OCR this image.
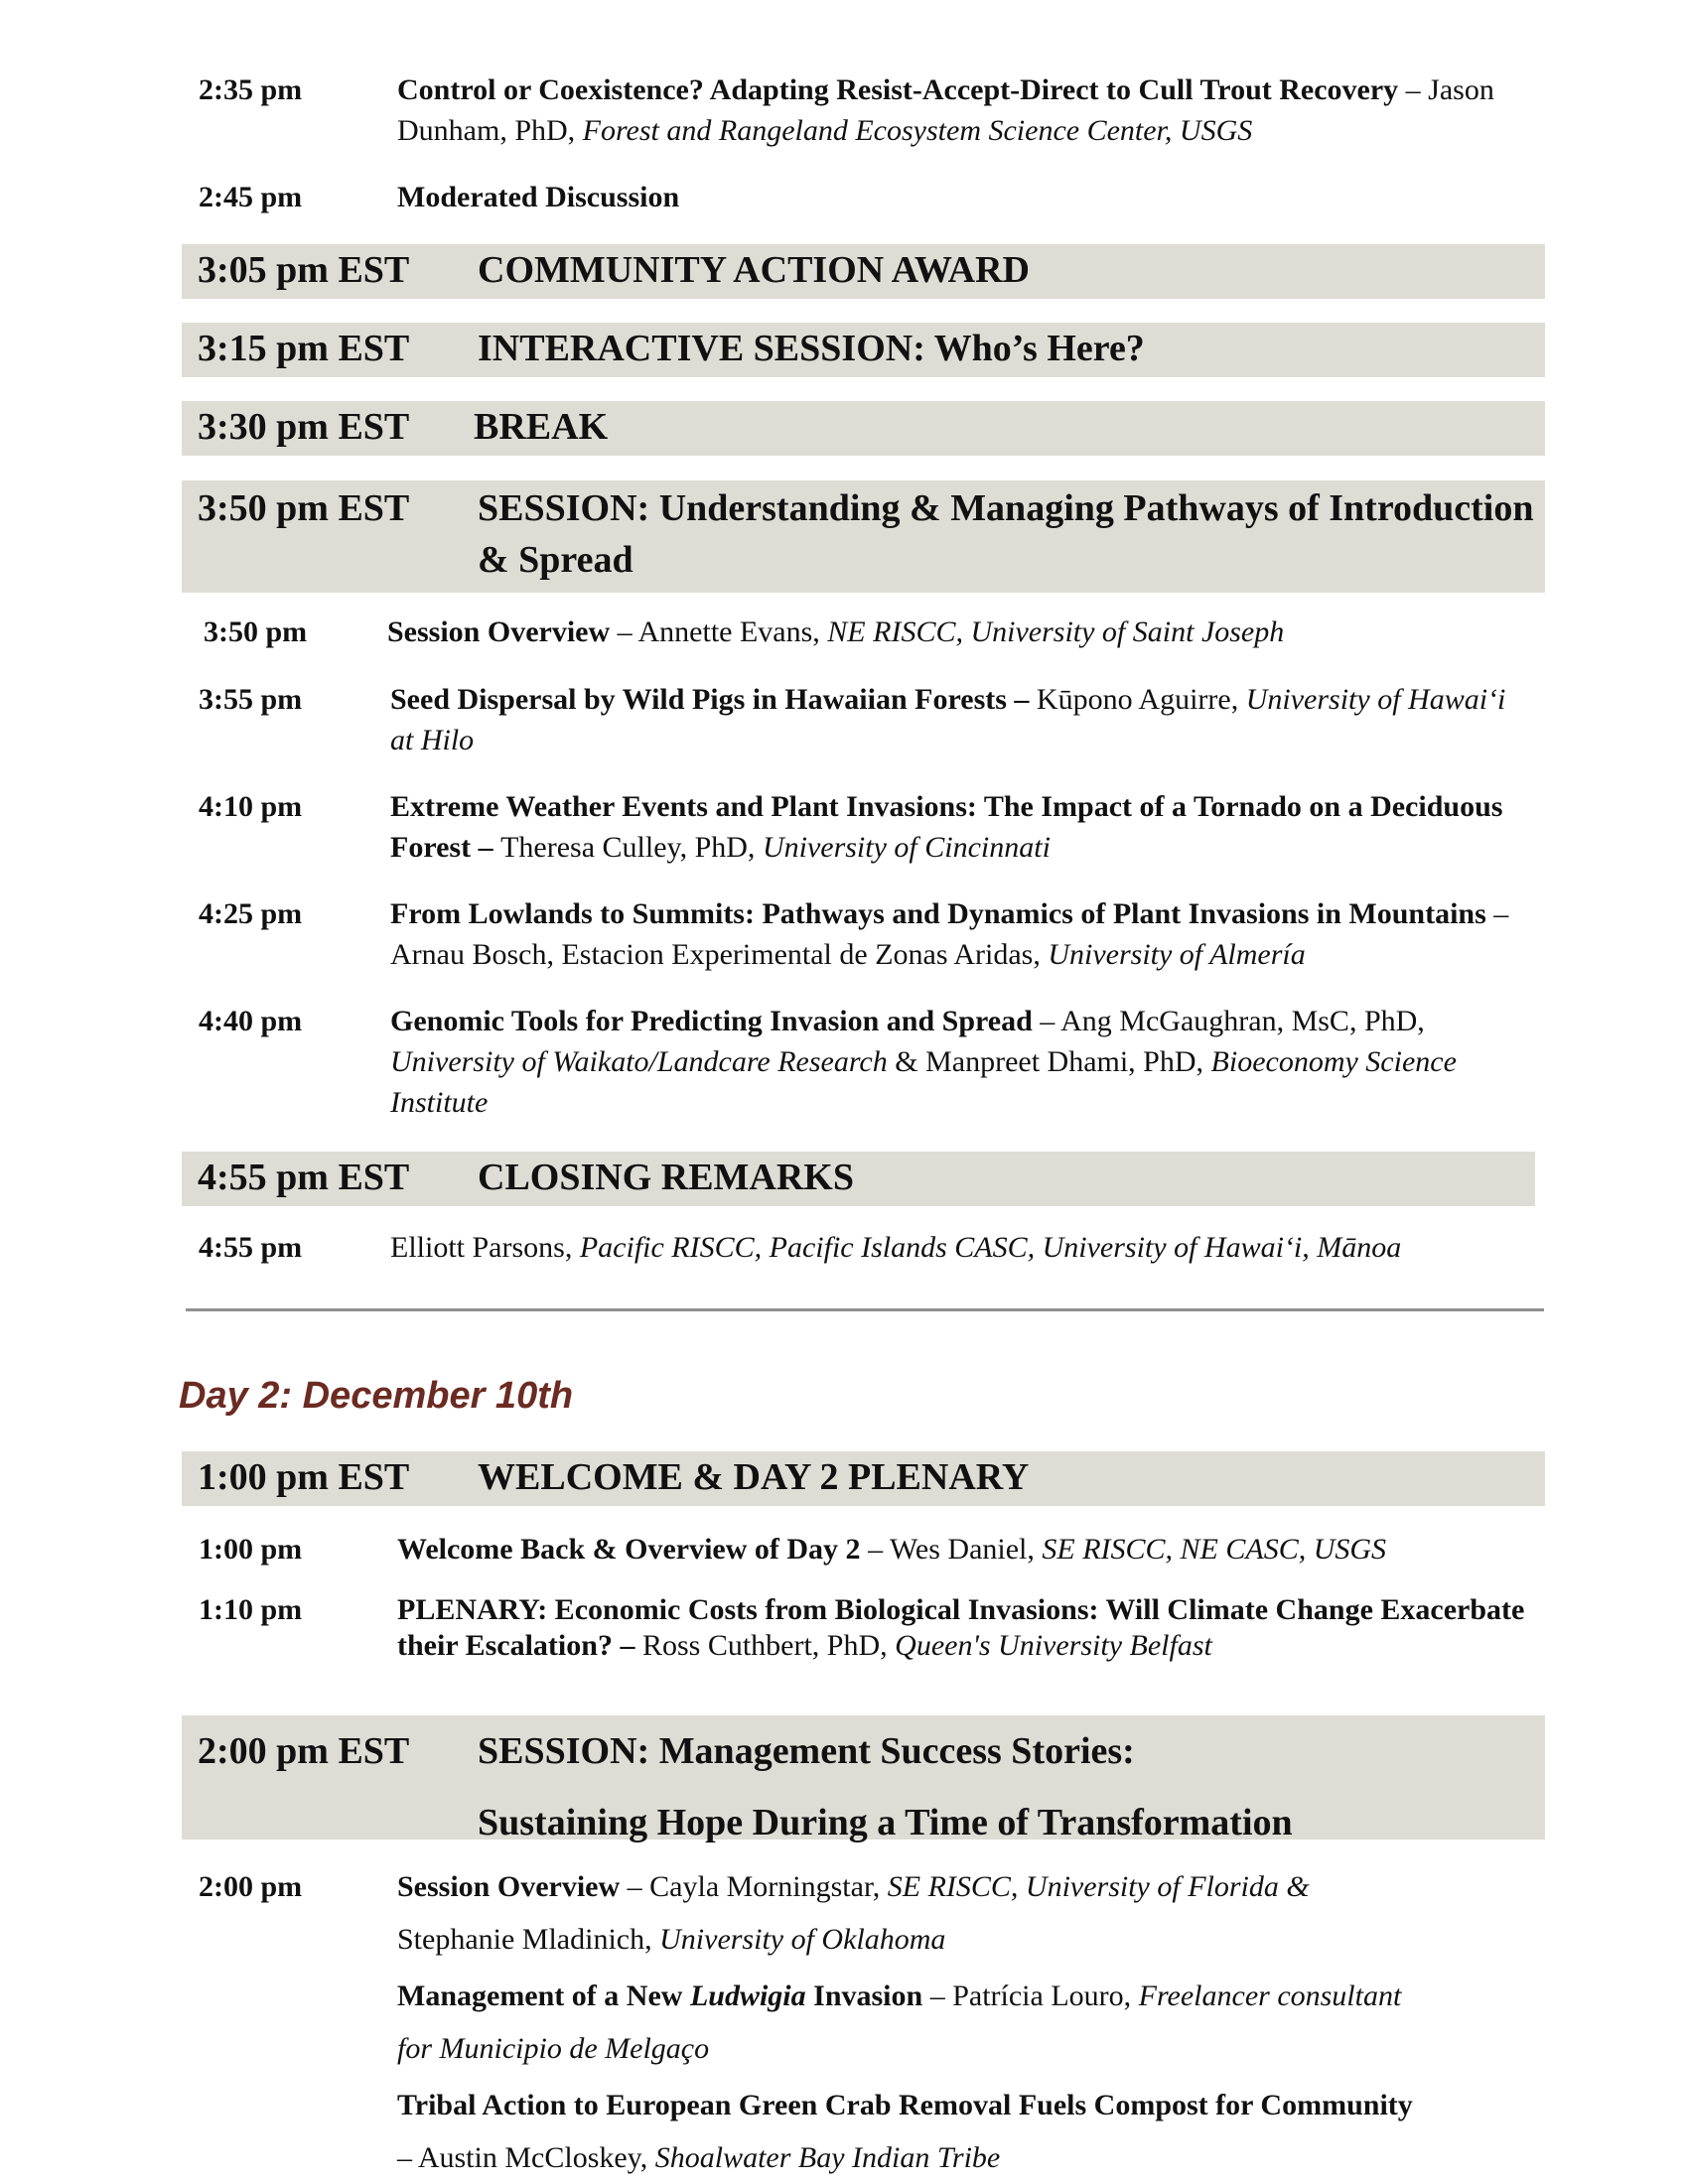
2:35 pm	Control or Coexistence? Adapting Resist-Accept-Direct to Cull Trout Recovery – Jason
Dunham, PhD, Forest and Rangeland Ecosystem Science Center, USGS
2:45 pm	Moderated Discussion
3:05 pm EST	COMMUNITY ACTION AWARD
3:15 pm EST	INTERACTIVE SESSION: Who’s Here?
3:30 pm EST	BREAK
3:50 pm EST	SESSION: Understanding & Managing Pathways of Introduction
& Spread
3:50 pm	Session Overview – Annette Evans, NE RISCC, University of Saint Joseph
3:55 pm	Seed Dispersal by Wild Pigs in Hawaiian Forests – Kūpono Aguirre, University of Hawaiʻi
at Hilo
4:10 pm	Extreme Weather Events and Plant Invasions: The Impact of a Tornado on a Deciduous
Forest – Theresa Culley, PhD, University of Cincinnati
4:25 pm	From Lowlands to Summits: Pathways and Dynamics of Plant Invasions in Mountains –
Arnau Bosch, Estacion Experimental de Zonas Aridas, University of Almería
4:40 pm	Genomic Tools for Predicting Invasion and Spread – Ang McGaughran, MsC, PhD,
University of Waikato/Landcare Research & Manpreet Dhami, PhD, Bioeconomy Science
Institute
4:55 pm EST	CLOSING REMARKS
4:55 pm	Elliott Parsons, Pacific RISCC, Pacific Islands CASC, University of Hawaiʻi, Mānoa
Day 2: December 10th
1:00 pm EST	WELCOME & DAY 2 PLENARY
1:00 pm	Welcome Back & Overview of Day 2 – Wes Daniel, SE RISCC, NE CASC, USGS
1:10 pm	PLENARY: Economic Costs from Biological Invasions: Will Climate Change Exacerbate
their Escalation? – Ross Cuthbert, PhD, Queen's University Belfast
2:00 pm EST	SESSION: Management Success Stories:
Sustaining Hope During a Time of Transformation
2:00 pm	Session Overview – Cayla Morningstar, SE RISCC, University of Florida &
Stephanie Mladinich, University of Oklahoma
Management of a New Ludwigia Invasion – Patrícia Louro, Freelancer consultant
for Municipio de Melgaço
Tribal Action to European Green Crab Removal Fuels Compost for Community
– Austin McCloskey, Shoalwater Bay Indian Tribe
